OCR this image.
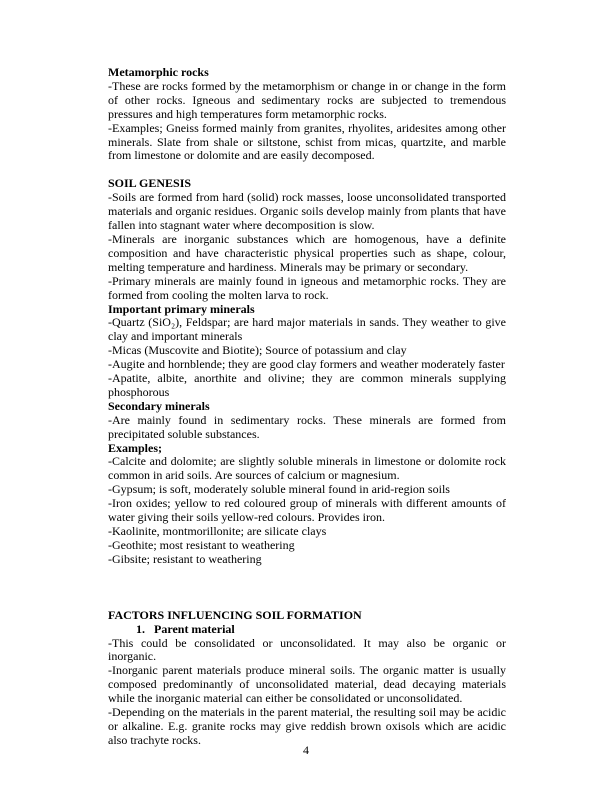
Metamorphic rocks
-These are rocks formed by the metamorphism or change in or change in the form of other rocks. Igneous and sedimentary rocks are subjected to tremendous pressures and high temperatures form metamorphic rocks.
-Examples; Gneiss formed mainly from granites, rhyolites, aridesites among other minerals. Slate from shale or siltstone, schist from micas, quartzite, and marble from limestone or dolomite and are easily decomposed.
SOIL GENESIS
-Soils are formed from hard (solid) rock masses, loose unconsolidated transported materials and organic residues. Organic soils develop mainly from plants that have fallen into stagnant water where decomposition is slow.
-Minerals are inorganic substances which are homogenous, have a definite composition and have characteristic physical properties such as shape, colour, melting temperature and hardiness. Minerals may be primary or secondary.
-Primary minerals are mainly found in igneous and metamorphic rocks. They are formed from cooling the molten larva to rock.
Important primary minerals
-Quartz (SiO₂), Feldspar; are hard major materials in sands. They weather to give clay and important minerals
-Micas (Muscovite and Biotite); Source of potassium and clay
-Augite and hornblende; they are good clay formers and weather moderately faster
-Apatite, albite, anorthite and olivine; they are common minerals supplying phosphorous
Secondary minerals
-Are mainly found in sedimentary rocks. These minerals are formed from precipitated soluble substances.
Examples;
-Calcite and dolomite; are slightly soluble minerals in limestone or dolomite rock common in arid soils. Are sources of calcium or magnesium.
-Gypsum; is soft, moderately soluble mineral found in arid-region soils
-Iron oxides; yellow to red coloured group of minerals with different amounts of water giving their soils yellow-red colours. Provides iron.
-Kaolinite, montmorillonite; are silicate clays
-Geothite; most resistant to weathering
-Gibsite; resistant to weathering
FACTORS INFLUENCING SOIL FORMATION
1.   Parent material
-This could be consolidated or unconsolidated. It may also be organic or inorganic.
-Inorganic parent materials produce mineral soils. The organic matter is usually composed predominantly of unconsolidated material, dead decaying materials while the inorganic material can either be consolidated or unconsolidated.
-Depending on the materials in the parent material, the resulting soil may be acidic or alkaline. E.g. granite rocks may give reddish brown oxisols which are acidic also trachyte rocks.
4
